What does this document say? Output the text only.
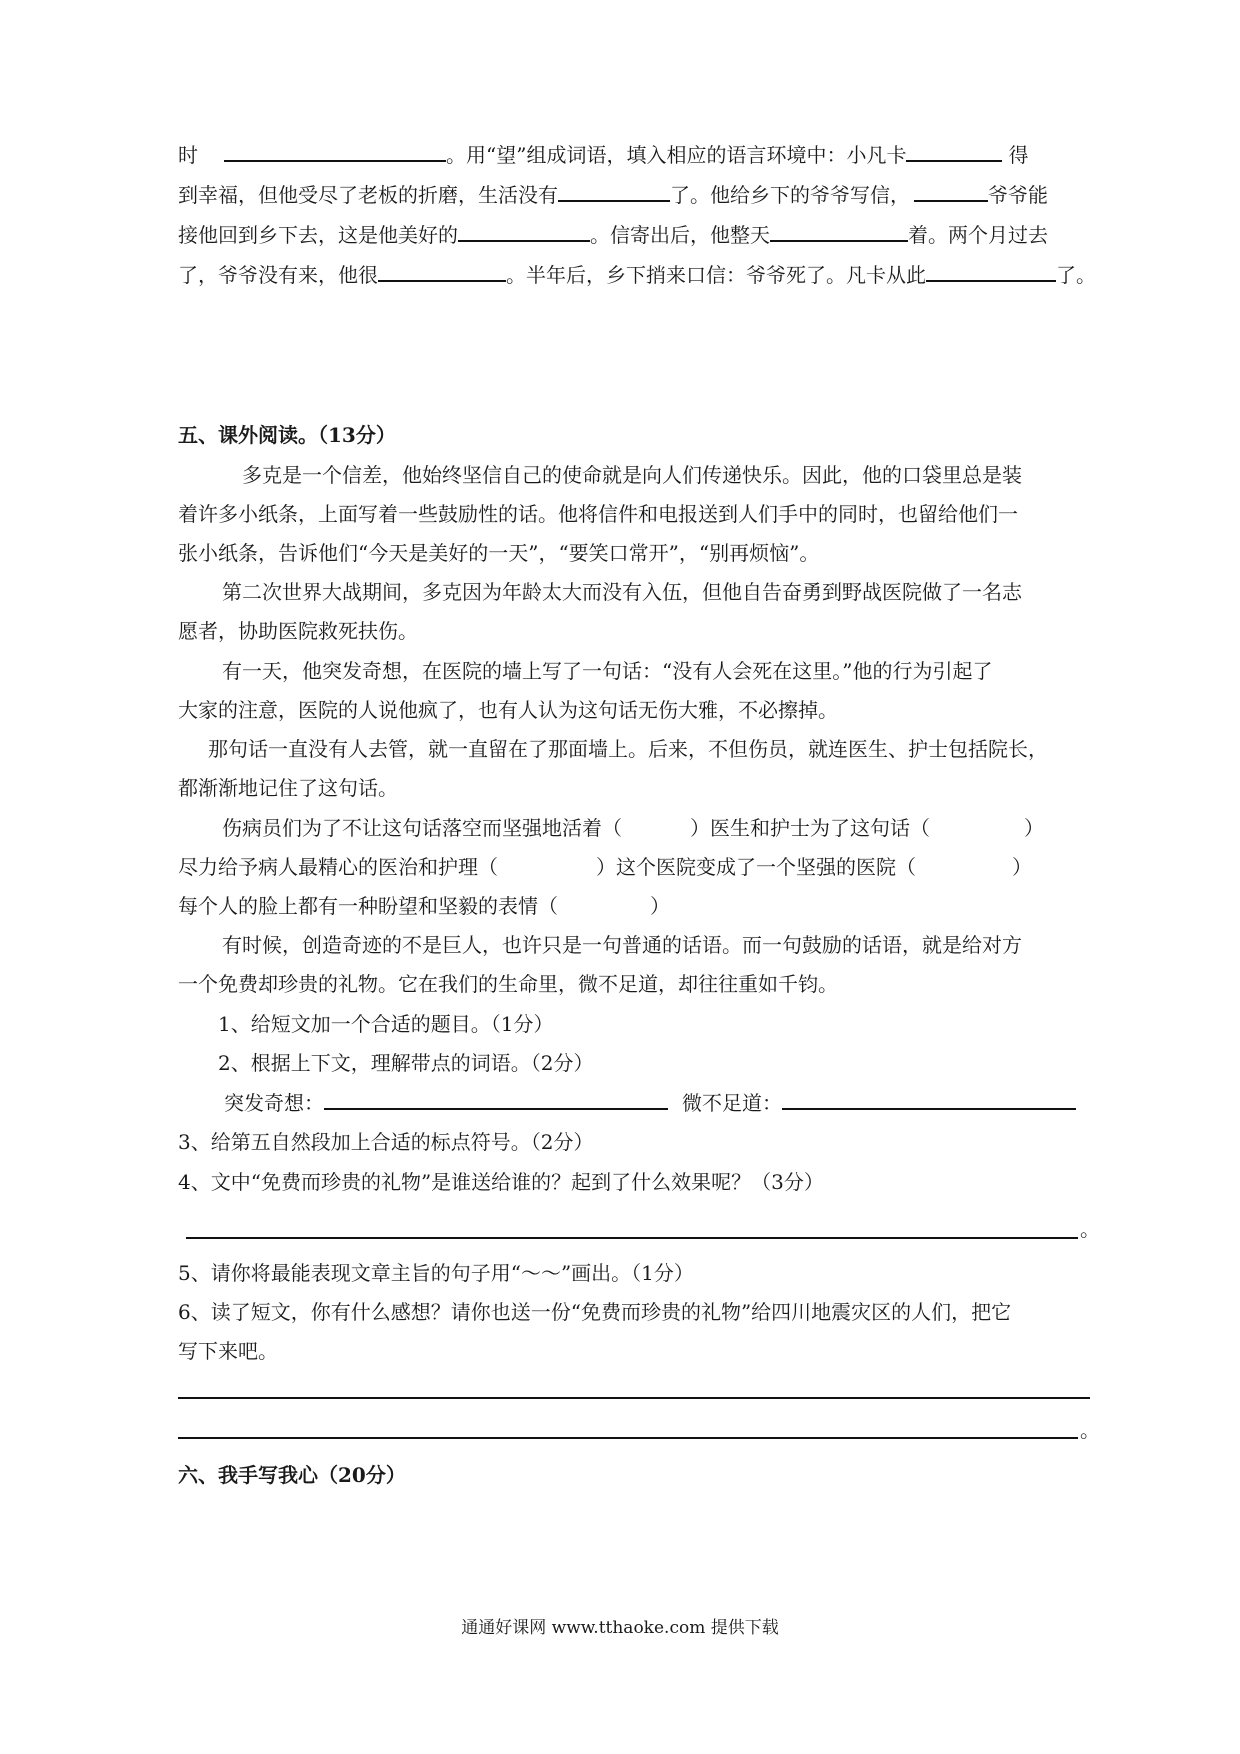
时	。用“望”组成词语，填入相应的语言环境中：小凡卡	得
到幸福，但他受尽了老板的折磨，生活没有	了。他给乡下的爷爷写信，	爷爷能
接他回到乡下去，这是他美好的	。信寄出后，他整天	着。两个月过去
了，爷爷没有来，他很	。半年后，乡下捎来口信：爷爷死了。凡卡从此	了。
五、课外阅读。（13分）
多克是一个信差，他始终坚信自己的使命就是向人们传递快乐。因此，他的口袋里总是装
着许多小纸条，上面写着一些鼓励性的话。他将信件和电报送到人们手中的同时，也留给他们一
张小纸条，告诉他们“今天是美好的一天”，“要笑口常开”，“别再烦恼”。
第二次世界大战期间，多克因为年龄太大而没有入伍，但他自告奋勇到野战医院做了一名志
愿者，协助医院救死扶伤。
有一天，他突发奇想，在医院的墙上写了一句话：“没有人会死在这里。”他的行为引起了
大家的注意，医院的人说他疯了，也有人认为这句话无伤大雅，不必擦掉。
那句话一直没有人去管，就一直留在了那面墙上。后来，不但伤员，就连医生、护士包括院长，
都渐渐地记住了这句话。
伤病员们为了不让这句话落空而坚强地活着（	）医生和护士为了这句话（	）
尽力给予病人最精心的医治和护理（	）这个医院变成了一个坚强的医院（	）
每个人的脸上都有一种盼望和坚毅的表情（	）
有时候，创造奇迹的不是巨人，也许只是一句普通的话语。而一句鼓励的话语，就是给对方
一个免费却珍贵的礼物。它在我们的生命里，微不足道，却往往重如千钧。
1、给短文加一个合适的题目。（1分）
2、根据上下文，理解带点的词语。（2分）
突发奇想：	微不足道：
3、给第五自然段加上合适的标点符号。（2分）
4、文中“免费而珍贵的礼物”是谁送给谁的？起到了什么效果呢？（3分）
。
5、请你将最能表现文章主旨的句子用“～～”画出。（1分）
6、读了短文，你有什么感想？请你也送一份“免费而珍贵的礼物”给四川地震灾区的人们，把它
写下来吧。
。
六、我手写我心（20分）
通通好课网 www.tthaoke.com 提供下载
